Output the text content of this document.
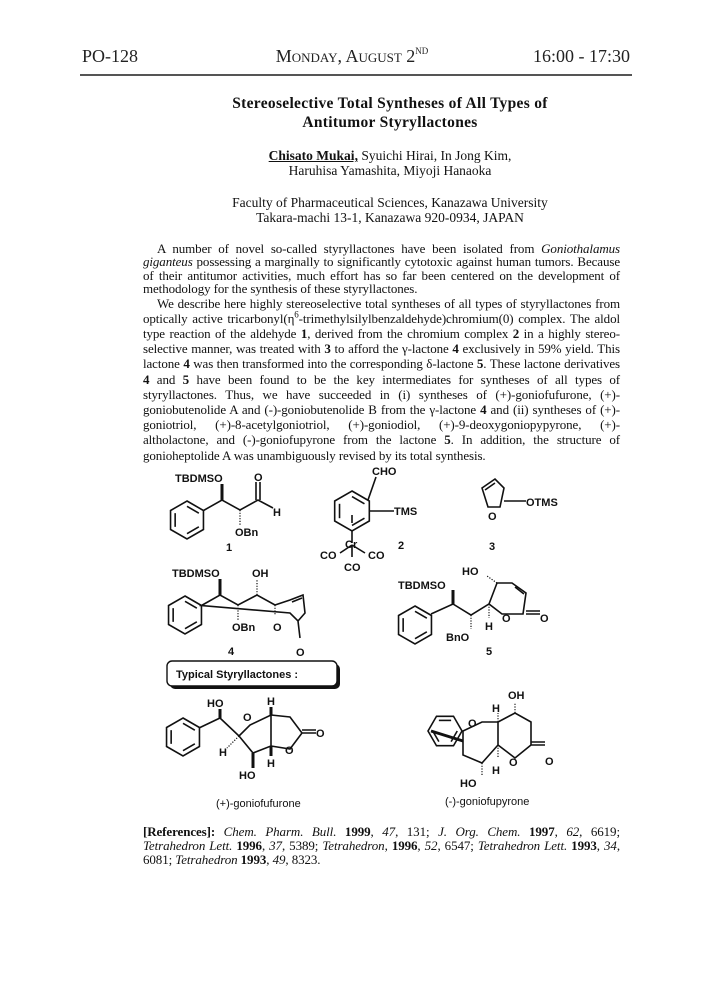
PO-128	Monday, August 2ND	16:00 - 17:30
Stereoselective Total Syntheses of All Types of
Antitumor Styryllactones
Chisato Mukai, Syuichi Hirai, In Jong Kim,
Haruhisa Yamashita, Miyoji Hanaoka
Faculty of Pharmaceutical Sciences, Kanazawa University
Takara-machi 13-1, Kanazawa 920-0934, JAPAN

A number of novel so-called styryllactones have been isolated from Goniothalamus giganteus possessing a marginally to significantly cytotoxic against human tumors. Because of their antitumor activities, much effort has so far been centered on the development of methodology for the synthesis of these styryllactones.

We describe here highly stereoselective total syntheses of all types of styryllactones from optically active $tricarbonyl(\eta^6-trimethylsilylbenzaldehyde)chromium(0)$ complex. The aldol type reaction of the aldehyde 1, derived from the chromium complex 2 in a highly stereo-selective manner, was treated with 3 to afford the γ-lactone 4 exclusively in 59% yield. This lactone 4 was then transformed into the corresponding δ-lactone 5. These lactone derivatives 4 and 5 have been found to be the key intermediates for syntheses of all types of styryllactones. Thus, we have succeeded in (i) syntheses of (+)-goniofufurone, (+)-goniobutenolide A and (-)-goniobutenolide B from the γ-lactone 4 and (ii) syntheses of (+)-goniotriol, (+)-8-acetylgoniotriol, (+)-goniodiol, (+)-9-deoxygoniopypyrone, (+)-altholactone, and (-)-goniofupyrone from the lactone 5. In addition, the structure of gonioheptolide A was unambiguously revised by its total synthesis.

TBDMSO	O
H
OBn
1
CHO
TMS
Cr
CO	CO
CO
2
O
OTMS
3
TBDMSO	OH
OBn O
O
4
TBDMSO
HO
BnO
H
O	O
5
Typical Styryllactones :
HO	H
O
O
O
H
HO
H
(+)-goniofufurone
OH
H
O
O O
HO
H
(-)-goniofupyrone
[References]: Chem. Pharm. Bull. 1999, 47, 131; J. Org. Chem. 1997, 62, 6619; Tetrahedron Lett. 1996, 37, 5389; Tetrahedron, 1996, 52, 6547; Tetrahedron Lett. 1993, 34, 6081; Tetrahedron 1993, 49, 8323.
